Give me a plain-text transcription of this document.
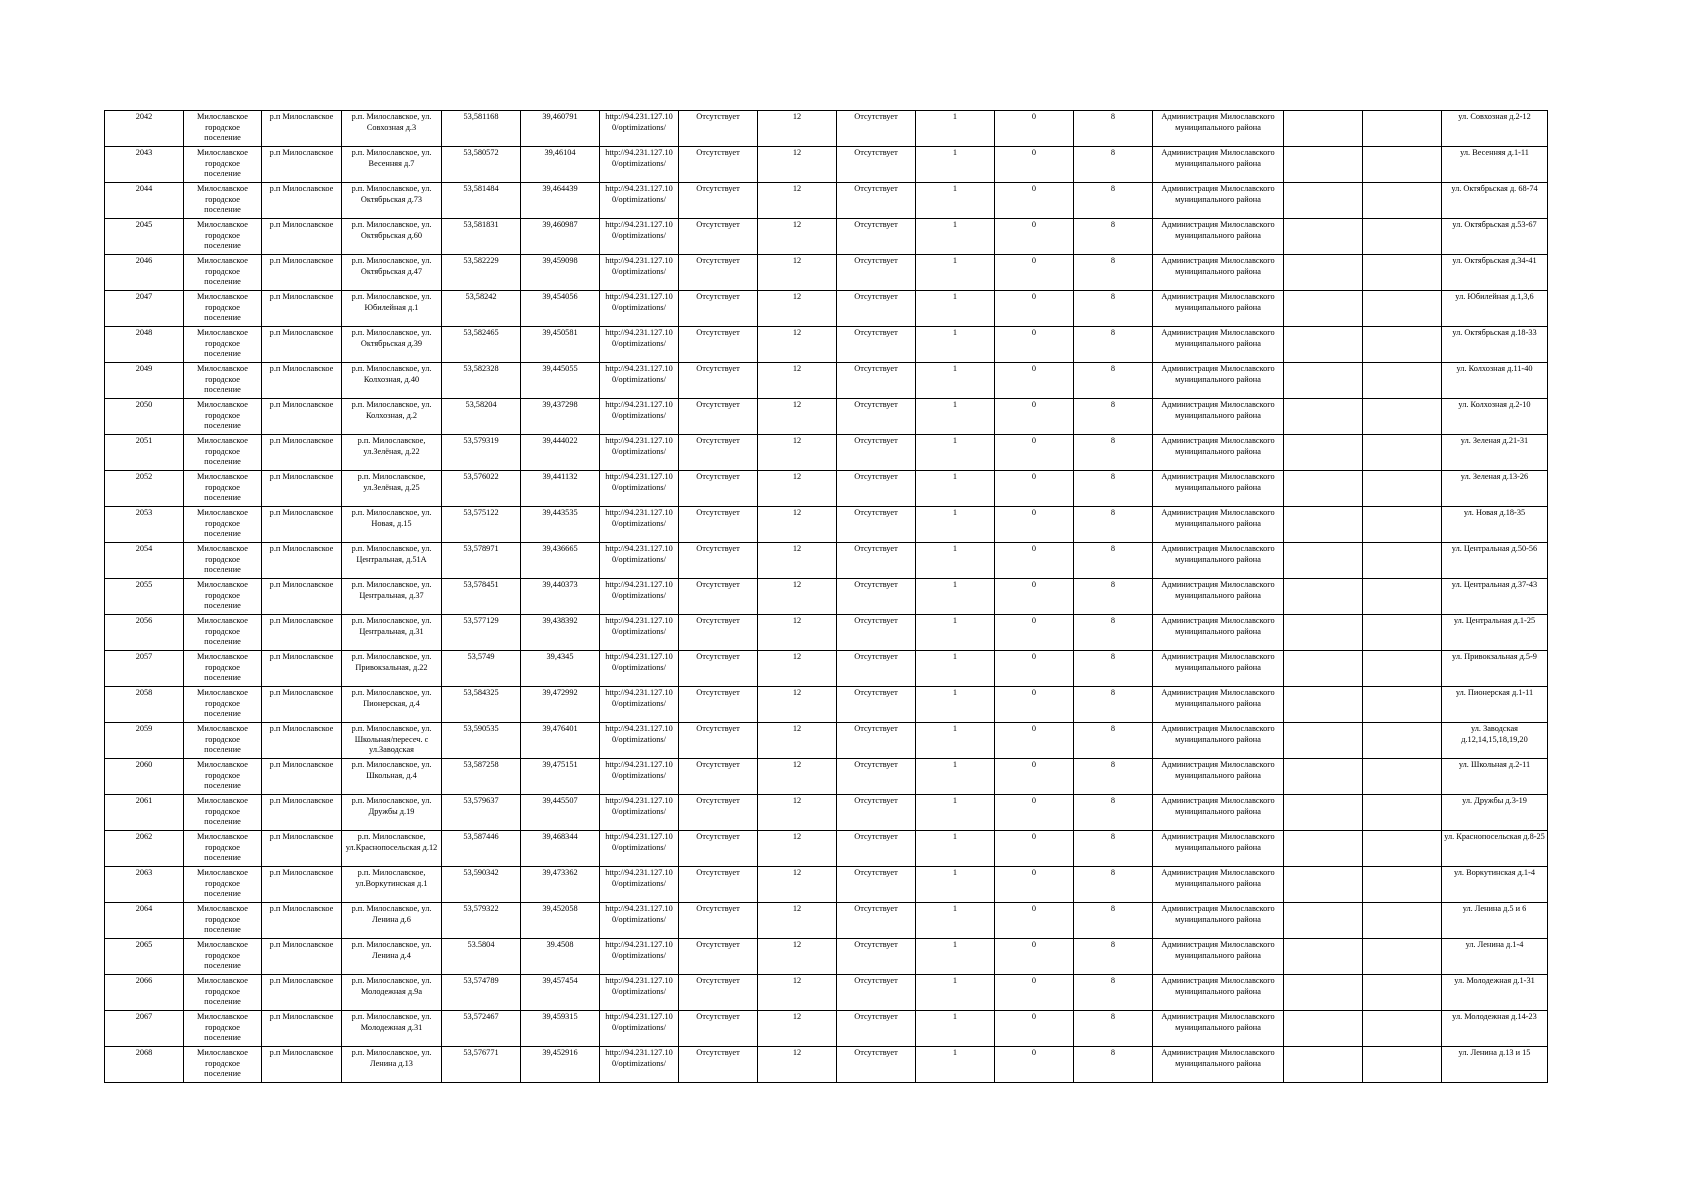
2042	Милославское городское поселение	р.п Милославское	р.п. Милославское, ул. Совхозная д.3	53,581168	39,460791	http://94.231.127.10 0/optimizations/	Отсутствует	12	Отсутствует	1	0	8	Администрация Милославского муниципального района			ул. Совхозная д.2-12
2043	Милославское городское поселение	р.п Милославское	р.п. Милославское, ул. Весенняя д.7	53,580572	39,46104	http://94.231.127.10 0/optimizations/	Отсутствует	12	Отсутствует	1	0	8	Администрация Милославского муниципального района			ул. Весенняя д.1-11
2044	Милославское городское поселение	р.п Милославское	р.п. Милославское, ул. Октябрьская д.73	53,581484	39,464439	http://94.231.127.10 0/optimizations/	Отсутствует	12	Отсутствует	1	0	8	Администрация Милославского муниципального района			ул. Октябрьская д. 68-74
2045	Милославское городское поселение	р.п Милославское	р.п. Милославское, ул. Октябрьская д.60	53,581831	39,460987	http://94.231.127.10 0/optimizations/	Отсутствует	12	Отсутствует	1	0	8	Администрация Милославского муниципального района			ул. Октябрьская д.53-67
2046	Милославское городское поселение	р.п Милославское	р.п. Милославское, ул. Октябрьская д.47	53,582229	39,459098	http://94.231.127.10 0/optimizations/	Отсутствует	12	Отсутствует	1	0	8	Администрация Милославского муниципального района			ул. Октябрьская д.34-41
2047	Милославское городское поселение	р.п Милославское	р.п. Милославское, ул. Юбилейная д.1	53,58242	39,454056	http://94.231.127.10 0/optimizations/	Отсутствует	12	Отсутствует	1	0	8	Администрация Милославского муниципального района			ул. Юбилейная д.1,3,6
2048	Милославское городское поселение	р.п Милославское	р.п. Милославское, ул. Октябрьская д.39	53,582465	39,450581	http://94.231.127.10 0/optimizations/	Отсутствует	12	Отсутствует	1	0	8	Администрация Милославского муниципального района			ул. Октябрьская д.18-33
2049	Милославское городское поселение	р.п Милославское	р.п. Милославское, ул. Колхозная, д.40	53,582328	39,445055	http://94.231.127.10 0/optimizations/	Отсутствует	12	Отсутствует	1	0	8	Администрация Милославского муниципального района			ул. Колхозная д.11-40
2050	Милославское городское поселение	р.п Милославское	р.п. Милославское, ул. Колхозная, д.2	53,58204	39,437298	http://94.231.127.10 0/optimizations/	Отсутствует	12	Отсутствует	1	0	8	Администрация Милославского муниципального района			ул. Колхозная д.2-10
2051	Милославское городское поселение	р.п Милославское	р.п. Милославское, ул.Зелёная, д.22	53,579319	39,444022	http://94.231.127.10 0/optimizations/	Отсутствует	12	Отсутствует	1	0	8	Администрация Милославского муниципального района			ул. Зеленая д.21-31
2052	Милославское городское поселение	р.п Милославское	р.п. Милославское, ул.Зелёная, д.25	53,576022	39,441132	http://94.231.127.10 0/optimizations/	Отсутствует	12	Отсутствует	1	0	8	Администрация Милославского муниципального района			ул. Зеленая д.13-26
2053	Милославское городское поселение	р.п Милославское	р.п. Милославское, ул. Новая, д.15	53,575122	39,443535	http://94.231.127.10 0/optimizations/	Отсутствует	12	Отсутствует	1	0	8	Администрация Милославского муниципального района			ул. Новая д.18-35
2054	Милославское городское поселение	р.п Милославское	р.п. Милославское, ул. Центральная, д.51А	53,578971	39,436665	http://94.231.127.10 0/optimizations/	Отсутствует	12	Отсутствует	1	0	8	Администрация Милославского муниципального района			ул. Центральная д.50-56
2055	Милославское городское поселение	р.п Милославское	р.п. Милославское, ул. Центральная, д.37	53,578451	39,440373	http://94.231.127.10 0/optimizations/	Отсутствует	12	Отсутствует	1	0	8	Администрация Милославского муниципального района			ул. Центральная д.37-43
2056	Милославское городское поселение	р.п Милославское	р.п. Милославское, ул. Центральная, д.31	53,577129	39,438392	http://94.231.127.10 0/optimizations/	Отсутствует	12	Отсутствует	1	0	8	Администрация Милославского муниципального района			ул. Центральная д.1-25
2057	Милославское городское поселение	р.п Милославское	р.п. Милославское, ул. Привокзальная, д.22	53,5749	39,4345	http://94.231.127.10 0/optimizations/	Отсутствует	12	Отсутствует	1	0	8	Администрация Милославского муниципального района			ул. Привокзальная д.5-9
2058	Милославское городское поселение	р.п Милославское	р.п. Милославское, ул. Пионерская, д.4	53,584325	39,472992	http://94.231.127.10 0/optimizations/	Отсутствует	12	Отсутствует	1	0	8	Администрация Милославского муниципального района			ул. Пионерская д.1-11
2059	Милославское городское поселение	р.п Милославское	р.п. Милославское, ул. Школьная/пересеч. с ул.Заводская	53,590535	39,476401	http://94.231.127.10 0/optimizations/	Отсутствует	12	Отсутствует	1	0	8	Администрация Милославского муниципального района			ул. Заводская д.12,14,15,18,19,20
2060	Милославское городское поселение	р.п Милославское	р.п. Милославское, ул. Школьная, д.4	53,587258	39,475151	http://94.231.127.10 0/optimizations/	Отсутствует	12	Отсутствует	1	0	8	Администрация Милославского муниципального района			ул. Школьная д.2-11
2061	Милославское городское поселение	р.п Милославское	р.п. Милославское, ул. Дружбы д.19	53,579637	39,445507	http://94.231.127.10 0/optimizations/	Отсутствует	12	Отсутствует	1	0	8	Администрация Милославского муниципального района			ул. Дружбы д.3-19
2062	Милославское городское поселение	р.п Милославское	р.п. Милославское, ул.Краснопосельская д.12	53,587446	39,468344	http://94.231.127.10 0/optimizations/	Отсутствует	12	Отсутствует	1	0	8	Администрация Милославского муниципального района			ул. Краснопосельская д.8-25
2063	Милославское городское поселение	р.п Милославское	р.п. Милославское, ул.Воркутинская д.1	53,590342	39,473362	http://94.231.127.10 0/optimizations/	Отсутствует	12	Отсутствует	1	0	8	Администрация Милославского муниципального района			ул. Воркутинская д.1-4
2064	Милославское городское поселение	р.п Милославское	р.п. Милославское, ул. Ленина д.6	53,579322	39,452058	http://94.231.127.10 0/optimizations/	Отсутствует	12	Отсутствует	1	0	8	Администрация Милославского муниципального района			ул. Ленина д.5 и 6
2065	Милославское городское поселение	р.п Милославское	р.п. Милославское, ул. Ленина д.4	53.5804	39.4508	http://94.231.127.10 0/optimizations/	Отсутствует	12	Отсутствует	1	0	8	Администрация Милославского муниципального района			ул. Ленина д.1-4
2066	Милославское городское поселение	р.п Милославское	р.п. Милославское, ул. Молодежная д.9а	53,574789	39,457454	http://94.231.127.10 0/optimizations/	Отсутствует	12	Отсутствует	1	0	8	Администрация Милославского муниципального района			ул. Молодежная д.1-31
2067	Милославское городское поселение	р.п Милославское	р.п. Милославское, ул. Молодежная д.31	53,572467	39,459315	http://94.231.127.10 0/optimizations/	Отсутствует	12	Отсутствует	1	0	8	Администрация Милославского муниципального района			ул. Молодежная д.14-23
2068	Милославское городское поселение	р.п Милославское	р.п. Милославское, ул. Ленина д.13	53,576771	39,452916	http://94.231.127.10 0/optimizations/	Отсутствует	12	Отсутствует	1	0	8	Администрация Милославского муниципального района			ул. Ленина д.13 и 15
